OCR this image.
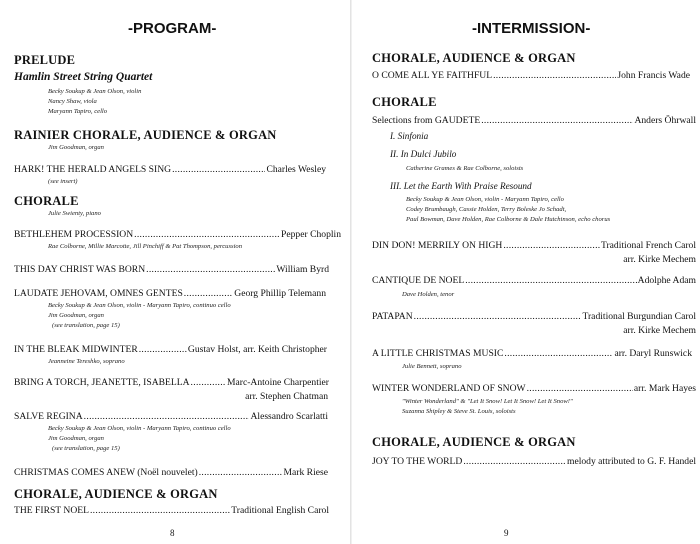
-PROGRAM-
PRELUDE
Hamlin Street String Quartet
Becky Soukup & Jean Olson, violin
Nancy Shaw, viola
Maryann Tapiro, cello
RAINIER CHORALE, AUDIENCE & ORGAN
Jim Goodman, organ
HARK! THE HERALD ANGELS SING .....	Charles Wesley
(see insert)
CHORALE
Julie Swienty, piano
BETHLEHEM PROCESSION .....	Pepper Choplin
Rae Colborne, Millie Marcotte, Jill Pinchiff & Pat Thompson, percussion
THIS DAY CHRIST WAS BORN .....	William Byrd
LAUDATE JEHOVAM, OMNES GENTES .....	Georg Phillip Telemann
Becky Soukup & Jean Olson, violin - Maryann Tapiro, continuo cello
Jim Goodman, organ
(see translation, page 15)
IN THE BLEAK MIDWINTER .....	Gustav Holst, arr. Keith Christopher
Jeanneine Tereshko, soprano
BRING A TORCH, JEANETTE, ISABELLA .....	Marc-Antoine Charpentier
arr. Stephen Chatman
SALVE REGINA .....	Alessandro Scarlatti
Becky Soukup & Jean Olson, violin - Maryann Tapiro, continuo cello
Jim Goodman, organ
(see translation, page 15)
CHRISTMAS COMES ANEW (Noël nouvelet) .....	Mark Riese
CHORALE, AUDIENCE & ORGAN
THE FIRST NOEL .....	Traditional English Carol
8
-INTERMISSION-
CHORALE, AUDIENCE & ORGAN
O COME ALL YE FAITHFUL .....	John Francis Wade
CHORALE
Selections from GAUDETE .....	Anders Öhrwall
I. Sinfonia
II. In Dulci Jubilo
Catherine Grames & Rae Colborne, soloists
III. Let the Earth With Praise Resound
Becky Soukup & Jean Olson, violin - Maryann Tapiro, cello
Codey Brumbaugh, Cassie Holden, Terry Boleske Jo Schadt,
Paul Bowman, Dave Holden, Rae Colborne & Dale Hutchinson, echo chorus
DIN DON! MERRILY ON HIGH .....	Traditional French Carol
arr. Kirke Mechem
CANTIQUE DE NOEL .....	Adolphe Adam
Dave Holden, tenor
PATAPAN .....	Traditional Burgundian Carol
arr. Kirke Mechem
A LITTLE CHRISTMAS MUSIC .....	arr. Daryl Runswick
Julie Bennett, soprano
WINTER WONDERLAND OF SNOW .....	arr. Mark Hayes
"Winter Wonderland" & "Let It Snow! Let It Snow! Let It Snow!"
Suzanna Shipley & Steve St. Louis, soloists
CHORALE, AUDIENCE & ORGAN
JOY TO THE WORLD .....	melody attributed to G. F. Handel
9
